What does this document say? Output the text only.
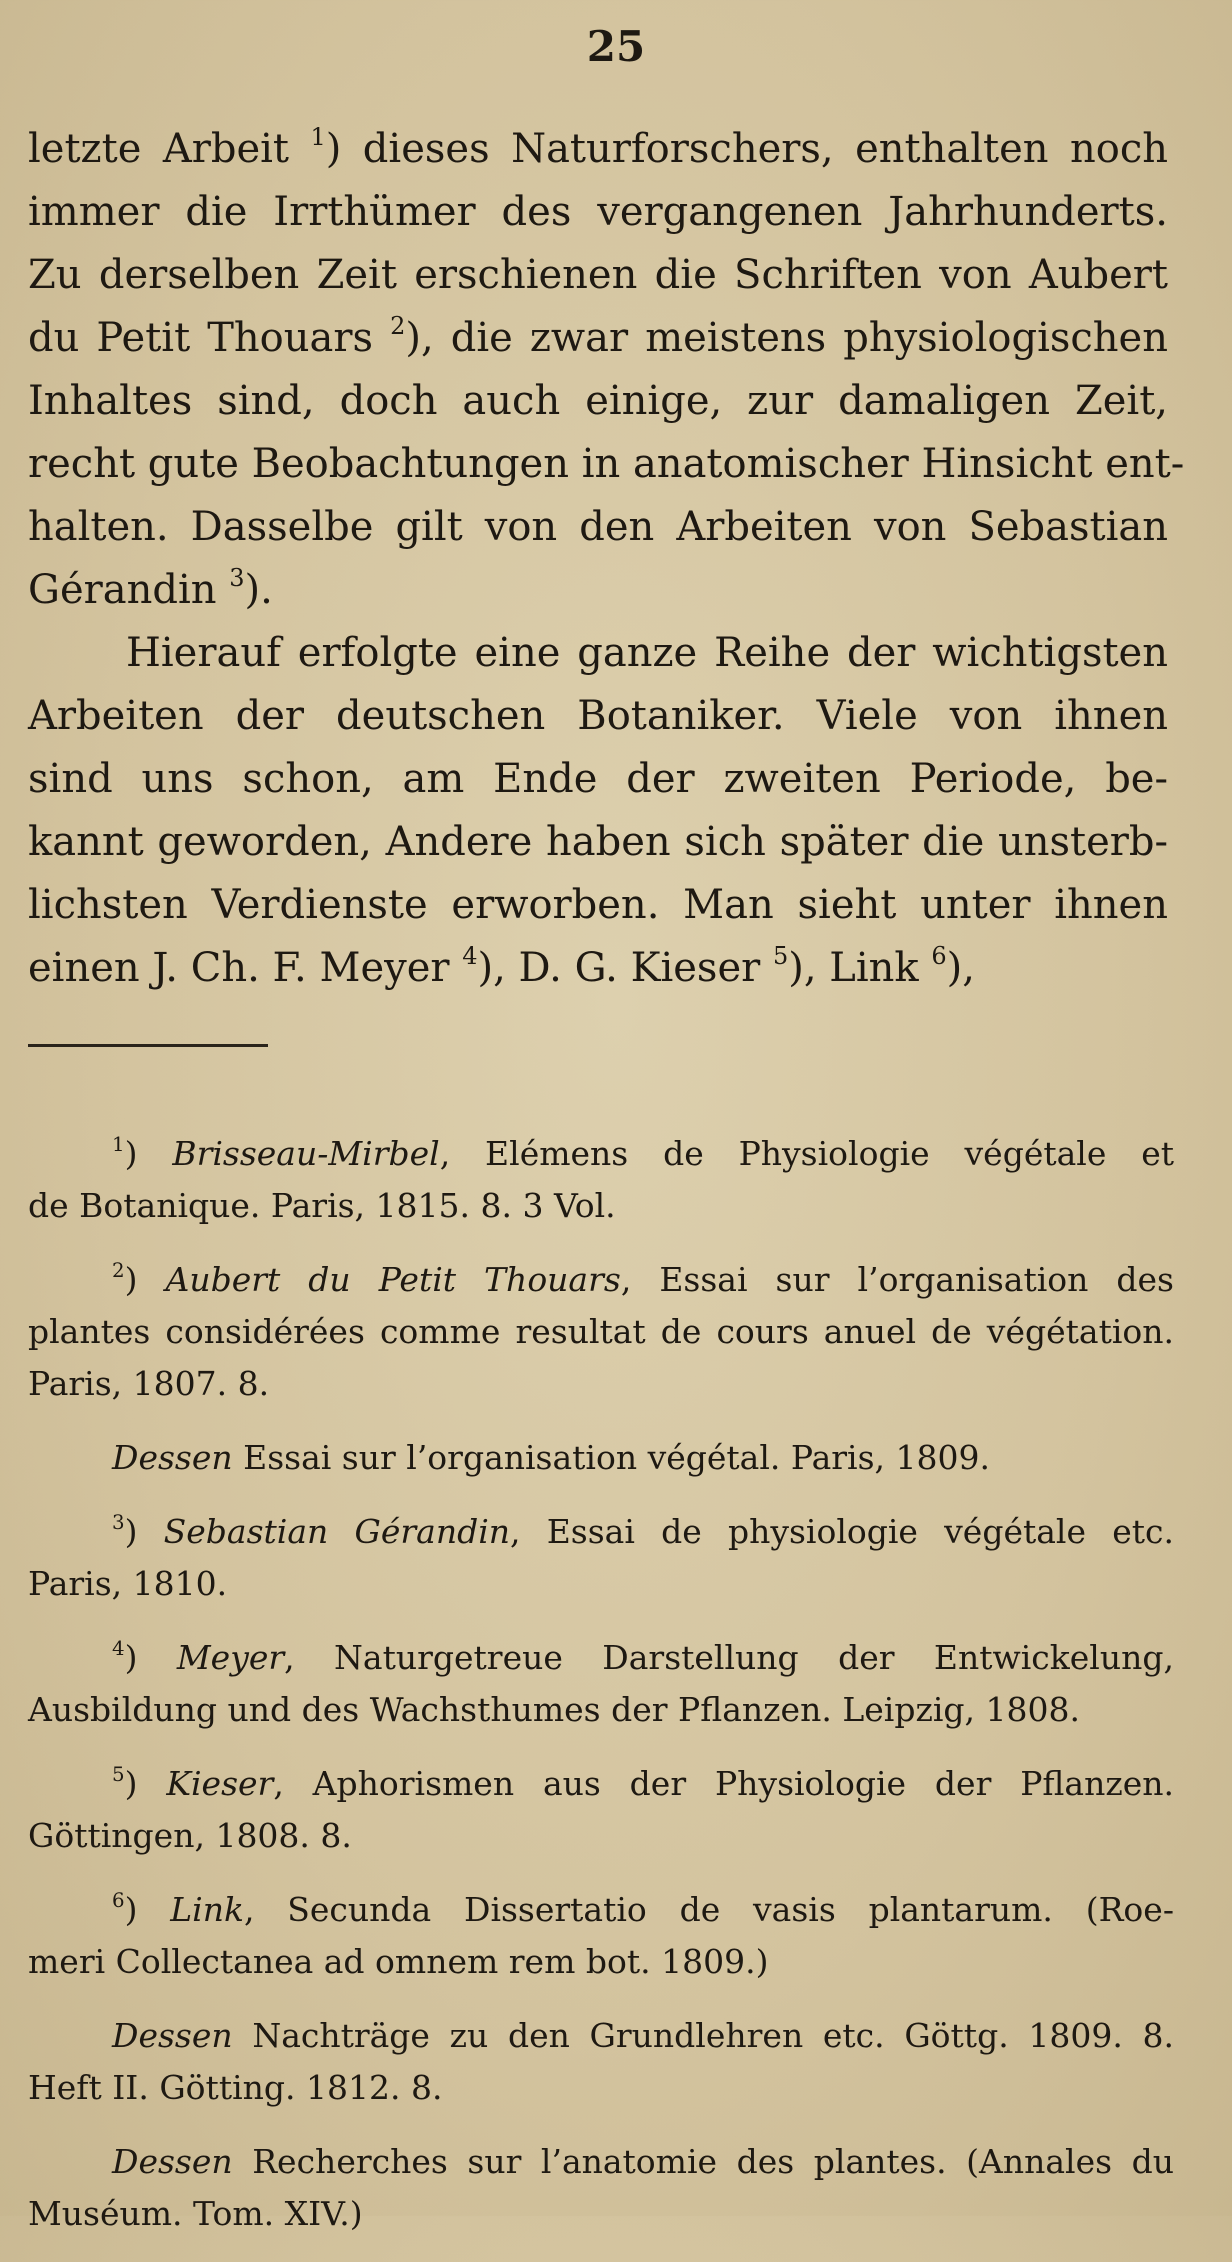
25
letzte Arbeit $^1$) dieses Naturforschers, enthalten noch
immer die Irrthümer des vergangenen Jahrhunderts.
Zu derselben Zeit erschienen die Schriften von Aubert
du Petit Thouars $^2$), die zwar meistens physiologischen
Inhaltes sind, doch auch einige, zur damaligen Zeit,
recht gute Beobachtungen in anatomischer Hinsicht ent-
halten. Dasselbe gilt von den Arbeiten von Sebastian
Gérandin $^3$).
Hierauf erfolgte eine ganze Reihe der wichtigsten
Arbeiten der deutschen Botaniker. Viele von ihnen
sind uns schon, am Ende der zweiten Periode, be-
kannt geworden, Andere haben sich später die unsterb-
lichsten Verdienste erworben. Man sieht unter ihnen
einen J. Ch. F. Meyer $^4$), D. G. Kieser $^5$), Link $^6$),
$^1$) Brisseau-Mirbel, Elémens de Physiologie végétale et
de Botanique. Paris, 1815. 8. 3 Vol.
$^2$) Aubert du Petit Thouars, Essai sur l’organisation des
plantes considérées comme resultat de cours anuel de végétation.
Paris, 1807. 8.
Dessen Essai sur l’organisation végétal. Paris, 1809.
$^3$) Sebastian Gérandin, Essai de physiologie végétale etc.
Paris, 1810.
$^4$) Meyer, Naturgetreue Darstellung der Entwickelung,
Ausbildung und des Wachsthumes der Pflanzen. Leipzig, 1808.
$^5$) Kieser, Aphorismen aus der Physiologie der Pflanzen.
Göttingen, 1808. 8.
$^6$) Link, Secunda Dissertatio de vasis plantarum. (Roe-
meri Collectanea ad omnem rem bot. 1809.)
Dessen Nachträge zu den Grundlehren etc. Göttg. 1809. 8.
Heft II. Götting. 1812. 8.
Dessen Recherches sur l’anatomie des plantes. (Annales du
Muséum. Tom. XIV.)
